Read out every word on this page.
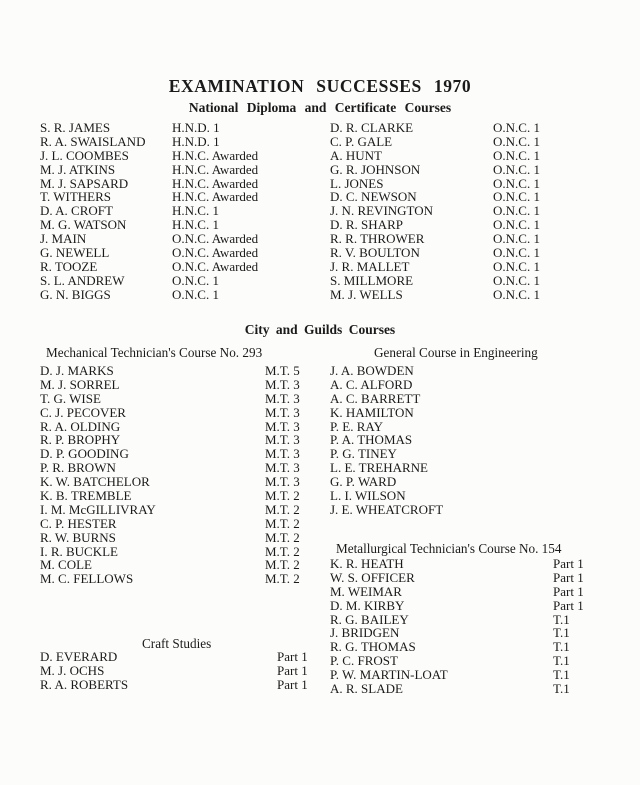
EXAMINATION SUCCESSES 1970
National Diploma and Certificate Courses
S. R. JAMES	H.N.D. 1
R. A. SWAISLAND	H.N.D. 1
J. L. COOMBES	H.N.C. Awarded
M. J. ATKINS	H.N.C. Awarded
M. J. SAPSARD	H.N.C. Awarded
T. WITHERS	H.N.C. Awarded
D. A. CROFT	H.N.C. 1
M. G. WATSON	H.N.C. 1
J. MAIN	O.N.C. Awarded
G. NEWELL	O.N.C. Awarded
R. TOOZE	O.N.C. Awarded
S. L. ANDREW	O.N.C. 1
G. N. BIGGS	O.N.C. 1
D. R. CLARKE	O.N.C. 1
C. P. GALE	O.N.C. 1
A. HUNT	O.N.C. 1
G. R. JOHNSON	O.N.C. 1
L. JONES	O.N.C. 1
D. C. NEWSON	O.N.C. 1
J. N. REVINGTON	O.N.C. 1
D. R. SHARP	O.N.C. 1
R. R. THROWER	O.N.C. 1
R. V. BOULTON	O.N.C. 1
J. R. MALLET	O.N.C. 1
S. MILLMORE	O.N.C. 1
M. J. WELLS	O.N.C. 1
City and Guilds Courses
Mechanical Technician's Course No. 293	General Course in Engineering
D. J. MARKS	M.T. 5
M. J. SORREL	M.T. 3
T. G. WISE	M.T. 3
C. J. PECOVER	M.T. 3
R. A. OLDING	M.T. 3
R. P. BROPHY	M.T. 3
D. P. GOODING	M.T. 3
P. R. BROWN	M.T. 3
K. W. BATCHELOR	M.T. 3
K. B. TREMBLE	M.T. 2
I. M. McGILLIVRAY	M.T. 2
C. P. HESTER	M.T. 2
R. W. BURNS	M.T. 2
I. R. BUCKLE	M.T. 2
M. COLE	M.T. 2
M. C. FELLOWS	M.T. 2
J. A. BOWDEN
A. C. ALFORD
A. C. BARRETT
K. HAMILTON
P. E. RAY
P. A. THOMAS
P. G. TINEY
L. E. TREHARNE
G. P. WARD
L. I. WILSON
J. E. WHEATCROFT
Metallurgical Technician's Course No. 154
K. R. HEATH	Part 1
W. S. OFFICER	Part 1
M. WEIMAR	Part 1
D. M. KIRBY	Part 1
R. G. BAILEY	T.1
J. BRIDGEN	T.1
R. G. THOMAS	T.1
P. C. FROST	T.1
P. W. MARTIN-LOAT	T.1
A. R. SLADE	T.1
Craft Studies
D. EVERARD	Part 1
M. J. OCHS	Part 1
R. A. ROBERTS	Part 1
